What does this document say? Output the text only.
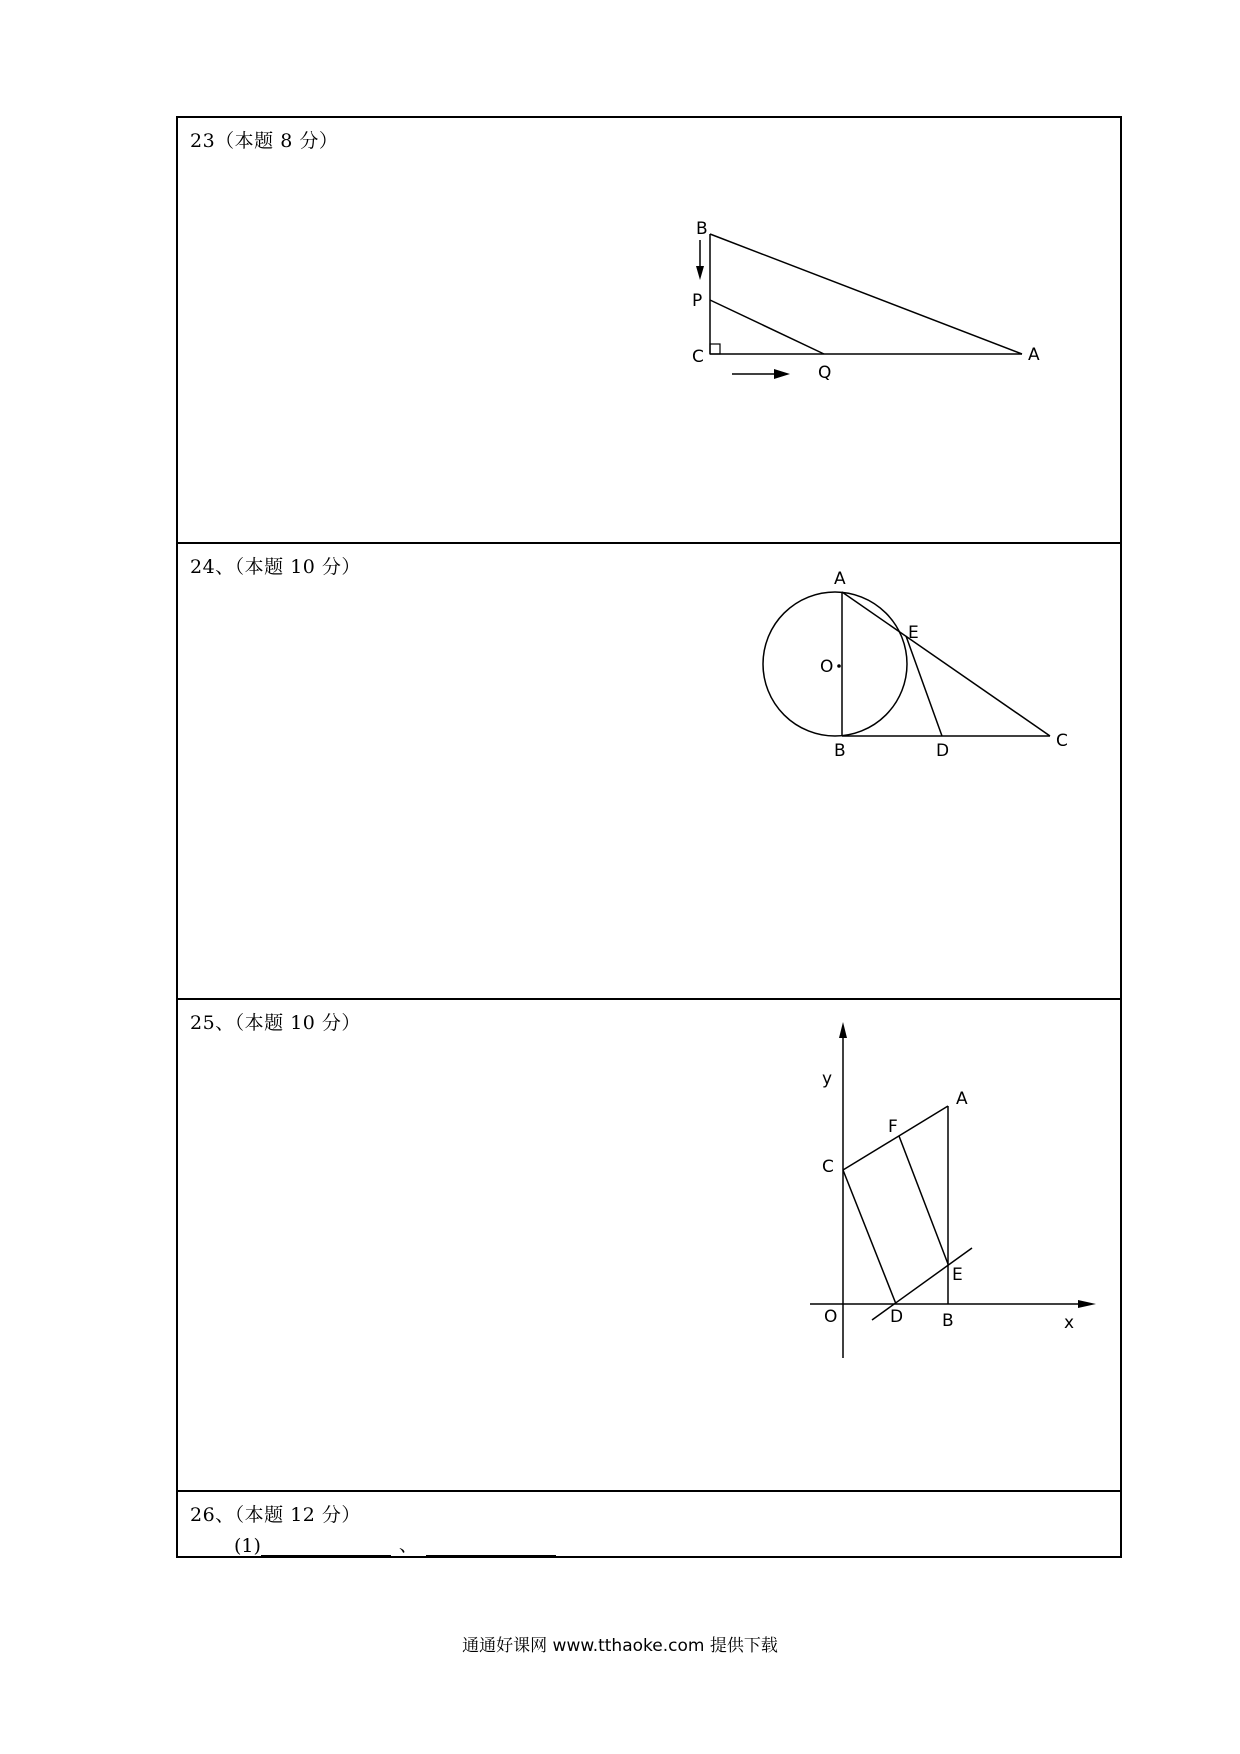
23（本题 8 分）
B
P
C
Q
A
24、（本题 10 分）
A
E
O
B	D	C
25、（本题 10 分）
y
A
F
C
E
O	D B	x
26、（本题 12 分）
(1)	、
通通好课网 www.tthaoke.com 提供下载
